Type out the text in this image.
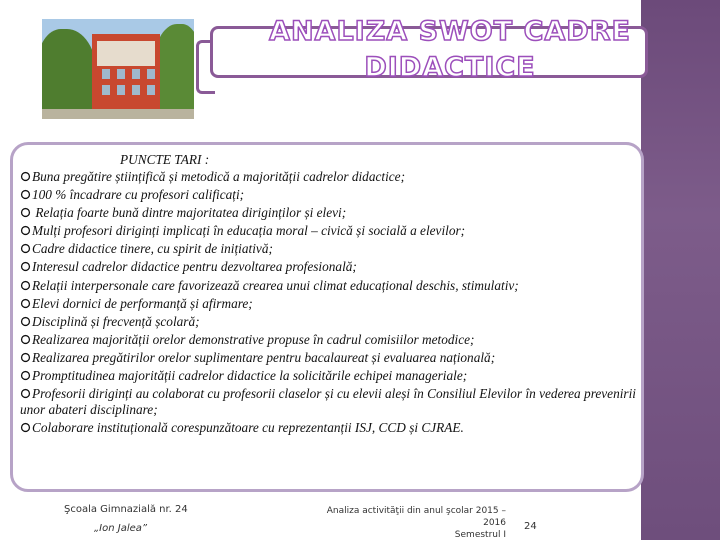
ANALIZA SWOT CADRE DIDACTICE
PUNCTE TARI :
Buna pregătire științifică și metodică a majorității cadrelor didactice;
100 % încadrare cu profesori calificați;
Relația foarte bună dintre majoritatea diriginților și elevi;
Mulți profesori diriginți implicați în educația moral – civică și socială a elevilor;
Cadre didactice tinere, cu spirit de inițiativă;
Interesul cadrelor didactice pentru dezvoltarea profesională;
Relații interpersonale care favorizează crearea unui climat educațional deschis, stimulativ;
Elevi dornici de performanță și afirmare;
Disciplină și frecvență școlară;
Realizarea majorității orelor demonstrative propuse în cadrul comisiilor metodice;
Realizarea pregătirilor orelor suplimentare pentru bacalaureat și evaluarea națională;
Promptitudinea majorității cadrelor didactice la solicitările echipei manageriale;
Profesorii diriginți au colaborat cu profesorii claselor și cu elevii aleși în Consiliul Elevilor în vederea prevenirii unor abateri disciplinare;
Colaborare instituțională corespunzătoare cu reprezentanții ISJ, CCD și CJRAE.
Şcoala Gimnazială nr. 24
„Ion Jalea”
Analiza activităţii din anul şcolar 2015 – 2016
Semestrul I
24
